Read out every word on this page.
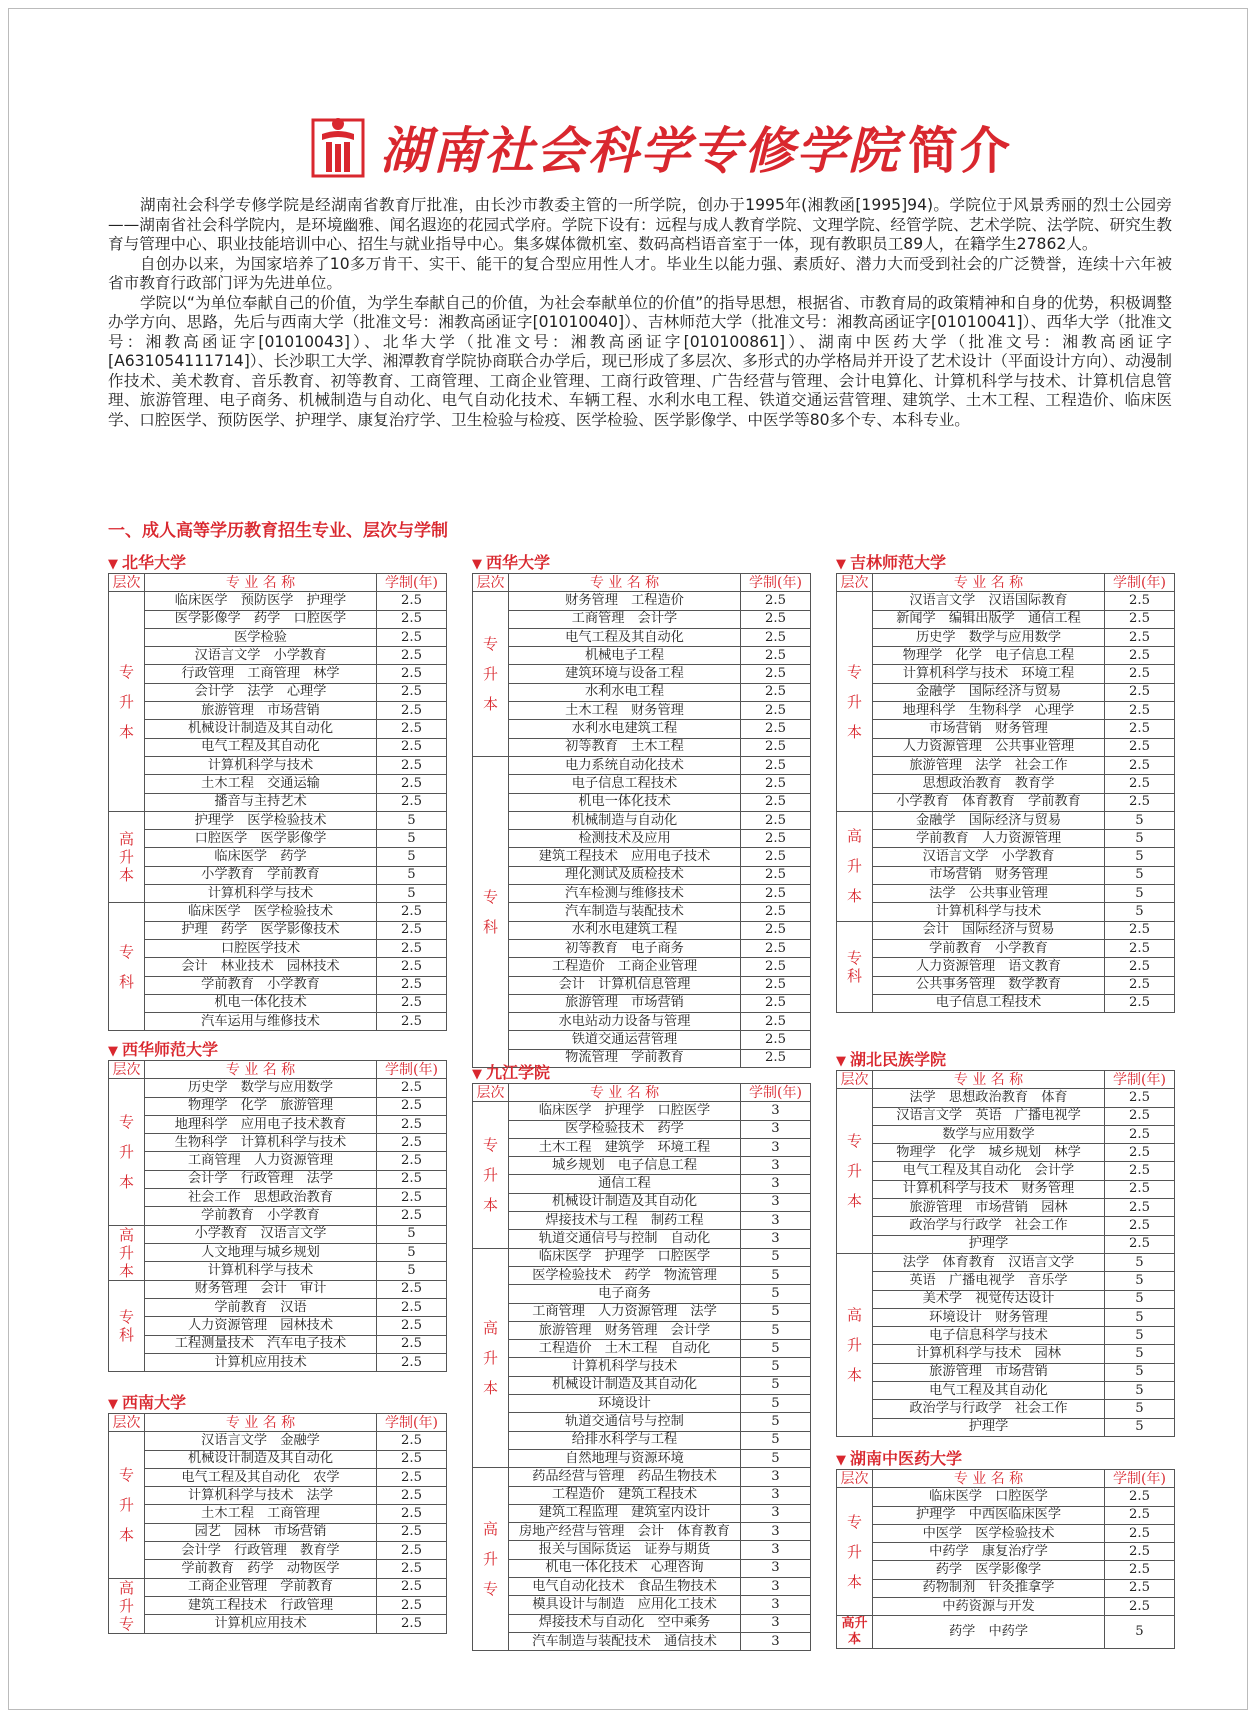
湖南社会科学专修学院 简介

湖南社会科学专修学院是经湖南省教育厅批准，由长沙市教委主管的一所学院，创办于1995年(湘教函[1995]94)。学院位于风景秀丽的烈士公园旁——湖南省社会科学院内，是环境幽雅、闻名遐迩的花园式学府。学院下设有：远程与成人教育学院、文理学院、经管学院、艺术学院、法学院、研究生教育与管理中心、职业技能培训中心、招生与就业指导中心。集多媒体微机室、数码高档语音室于一体，现有教职员工89人，在籍学生27862人。

自创办以来，为国家培养了10多万肯干、实干、能干的复合型应用性人才。毕业生以能力强、素质好、潜力大而受到社会的广泛赞誉，连续十六年被省市教育行政部门评为先进单位。

学院以“为单位奉献自己的价值，为学生奉献自己的价值，为社会奉献单位的价值”的指导思想，根据省、市教育局的政策精神和自身的优势，积极调整办学方向、思路，先后与西南大学（批准文号：湘教高函证字[01010040]）、吉林师范大学（批准文号：湘教高函证字[01010041]）、西华大学（批准文号：湘教高函证字[01010043]）、北华大学（批准文号：湘教高函证字[010100861]）、湖南中医药大学（批准文号：湘教高函证字[A631054111714]）、长沙职工大学、湘潭教育学院协商联合办学后，现已形成了多层次、多形式的办学格局并开设了艺术设计（平面设计方向）、动漫制作技术、美术教育、音乐教育、初等教育、工商管理、工商企业管理、工商行政管理、广告经营与管理、会计电算化、计算机科学与技术、计算机信息管理、旅游管理、电子商务、机械制造与自动化、电气自动化技术、车辆工程、水利水电工程、铁道交通运营管理、建筑学、土木工程、工程造价、临床医学、口腔医学、预防医学、护理学、康复治疗学、卫生检验与检疫、医学检验、医学影像学、中医学等80多个专、本科专业。

一、成人高等学历教育招生专业、层次与学制
▼ 北华大学
层次	专 业 名 称	学制(年)

专
升
本	临床医学　预防医学　护理学	2.5
	医学影像学　药学　口腔医学	2.5
	医学检验	2.5
	汉语言文学　小学教育	2.5
	行政管理　工商管理　林学	2.5
	会计学　法学　心理学	2.5
	旅游管理　市场营销	2.5
	机械设计制造及其自动化	2.5
	电气工程及其自动化	2.5
	计算机科学与技术	2.5
	土木工程　交通运输	2.5
	播音与主持艺术	2.5

高
升
本	护理学　医学检验技术	5
	口腔医学　医学影像学	5
	临床医学　药学	5
	小学教育　学前教育	5
	计算机科学与技术	5

专
科	临床医学　医学检验技术	2.5
	护理　药学　医学影像技术	2.5
	口腔医学技术	2.5
	会计　林业技术　园林技术	2.5
	学前教育　小学教育	2.5
	机电一体化技术	2.5
	汽车运用与维修技术	2.5
▼ 西华师范大学
层次	专 业 名 称	学制(年)

专
升
本	历史学　数学与应用数学	2.5
	物理学　化学　旅游管理	2.5
	地理科学　应用电子技术教育	2.5
	生物科学　计算机科学与技术	2.5
	工商管理　人力资源管理	2.5
	会计学　行政管理　法学	2.5
	社会工作　思想政治教育	2.5
	学前教育　小学教育	2.5

高
升
本	小学教育　汉语言文学	5
	人文地理与城乡规划	5
	计算机科学与技术	5

专
科	财务管理　会计　审计	2.5
	学前教育　汉语	2.5
	人力资源管理　园林技术	2.5
	工程测量技术　汽车电子技术	2.5
	计算机应用技术	2.5
▼ 西南大学
层次	专 业 名 称	学制(年)

专
升
本	汉语言文学　金融学	2.5
	机械设计制造及其自动化	2.5
	电气工程及其自动化　农学	2.5
	计算机科学与技术　法学	2.5
	土木工程　工商管理	2.5
	园艺　园林　市场营销	2.5
	会计学　行政管理　教育学	2.5
	学前教育　药学　动物医学	2.5

高
升
专	工商企业管理　学前教育	2.5
	建筑工程技术　行政管理	2.5
	计算机应用技术	2.5
▼ 西华大学
层次	专 业 名 称	学制(年)

专
升
本	财务管理　工程造价	2.5
	工商管理　会计学	2.5
	电气工程及其自动化	2.5
	机械电子工程	2.5
	建筑环境与设备工程	2.5
	水利水电工程	2.5
	土木工程　财务管理	2.5
	水利水电建筑工程	2.5
	初等教育　土木工程	2.5

专
科	电力系统自动化技术	2.5
	电子信息工程技术	2.5
	机电一体化技术	2.5
	机械制造与自动化	2.5
	检测技术及应用	2.5
	建筑工程技术　应用电子技术	2.5
	理化测试及质检技术	2.5
	汽车检测与维修技术	2.5
	汽车制造与装配技术	2.5
	水利水电建筑工程	2.5
	初等教育　电子商务	2.5
	工程造价　工商企业管理	2.5
	会计　计算机信息管理	2.5
	旅游管理　市场营销	2.5
	水电站动力设备与管理	2.5
	铁道交通运营管理	2.5
	物流管理　学前教育	2.5
▼ 九江学院
层次	专 业 名 称	学制(年)

专
升
本	临床医学　护理学　口腔医学	3
	医学检验技术　药学	3
	土木工程　建筑学　环境工程	3
	城乡规划　电子信息工程	3
	通信工程	3
	机械设计制造及其自动化	3
	焊接技术与工程　制药工程	3
	轨道交通信号与控制　自动化	3

高
升
本	临床医学　护理学　口腔医学	5
	医学检验技术　药学　物流管理	5
	电子商务	5
	工商管理　人力资源管理　法学	5
	旅游管理　财务管理　会计学	5
	工程造价　土木工程　自动化	5
	计算机科学与技术	5
	机械设计制造及其自动化	5
	环境设计	5
	轨道交通信号与控制	5
	给排水科学与工程	5
	自然地理与资源环境	5

高
升
专	药品经营与管理　药品生物技术	3
	工程造价　建筑工程技术	3
	建筑工程监理　建筑室内设计	3
	房地产经营与管理　会计　体育教育	3
	报关与国际货运　证券与期货	3
	机电一体化技术　心理咨询	3
	电气自动化技术　食品生物技术	3
	模具设计与制造　应用化工技术	3
	焊接技术与自动化　空中乘务	3
	汽车制造与装配技术　通信技术	3
▼ 吉林师范大学
层次	专 业 名 称	学制(年)

专
升
本	汉语言文学　汉语国际教育	2.5
	新闻学　编辑出版学　通信工程	2.5
	历史学　数学与应用数学	2.5
	物理学　化学　电子信息工程	2.5
	计算机科学与技术　环境工程	2.5
	金融学　国际经济与贸易	2.5
	地理科学　生物科学　心理学	2.5
	市场营销　财务管理	2.5
	人力资源管理　公共事业管理	2.5
	旅游管理　法学　社会工作	2.5
	思想政治教育　教育学	2.5
	小学教育　体育教育　学前教育	2.5

高
升
本	金融学　国际经济与贸易	5
	学前教育　人力资源管理	5
	汉语言文学　小学教育	5
	市场营销　财务管理	5
	法学　公共事业管理	5
	计算机科学与技术	5

专
科	会计　国际经济与贸易	2.5
	学前教育　小学教育	2.5
	人力资源管理　语文教育	2.5
	公共事务管理　数学教育	2.5
	电子信息工程技术	2.5
▼ 湖北民族学院
层次	专 业 名 称	学制(年)

专
升
本	法学　思想政治教育　体育	2.5
	汉语言文学　英语　广播电视学	2.5
	数学与应用数学	2.5
	物理学　化学　城乡规划　林学	2.5
	电气工程及其自动化　会计学	2.5
	计算机科学与技术　财务管理	2.5
	旅游管理　市场营销　园林	2.5
	政治学与行政学　社会工作	2.5
	护理学	2.5

高
升
本	法学　体育教育　汉语言文学	5
	英语　广播电视学　音乐学	5
	美术学　视觉传达设计	5
	环境设计　财务管理	5
	电子信息科学与技术	5
	计算机科学与技术　园林	5
	旅游管理　市场营销	5
	电气工程及其自动化	5
	政治学与行政学　社会工作	5
	护理学	5
▼ 湖南中医药大学
层次	专 业 名 称	学制(年)

专
升
本	临床医学　口腔医学	2.5
	护理学　中西医临床医学	2.5
	中医学　医学检验技术	2.5
	中药学　康复治疗学	2.5
	药学　医学影像学	2.5
	药物制剂　针灸推拿学	2.5
	中药资源与开发	2.5
高升本	药学　中药学	5
